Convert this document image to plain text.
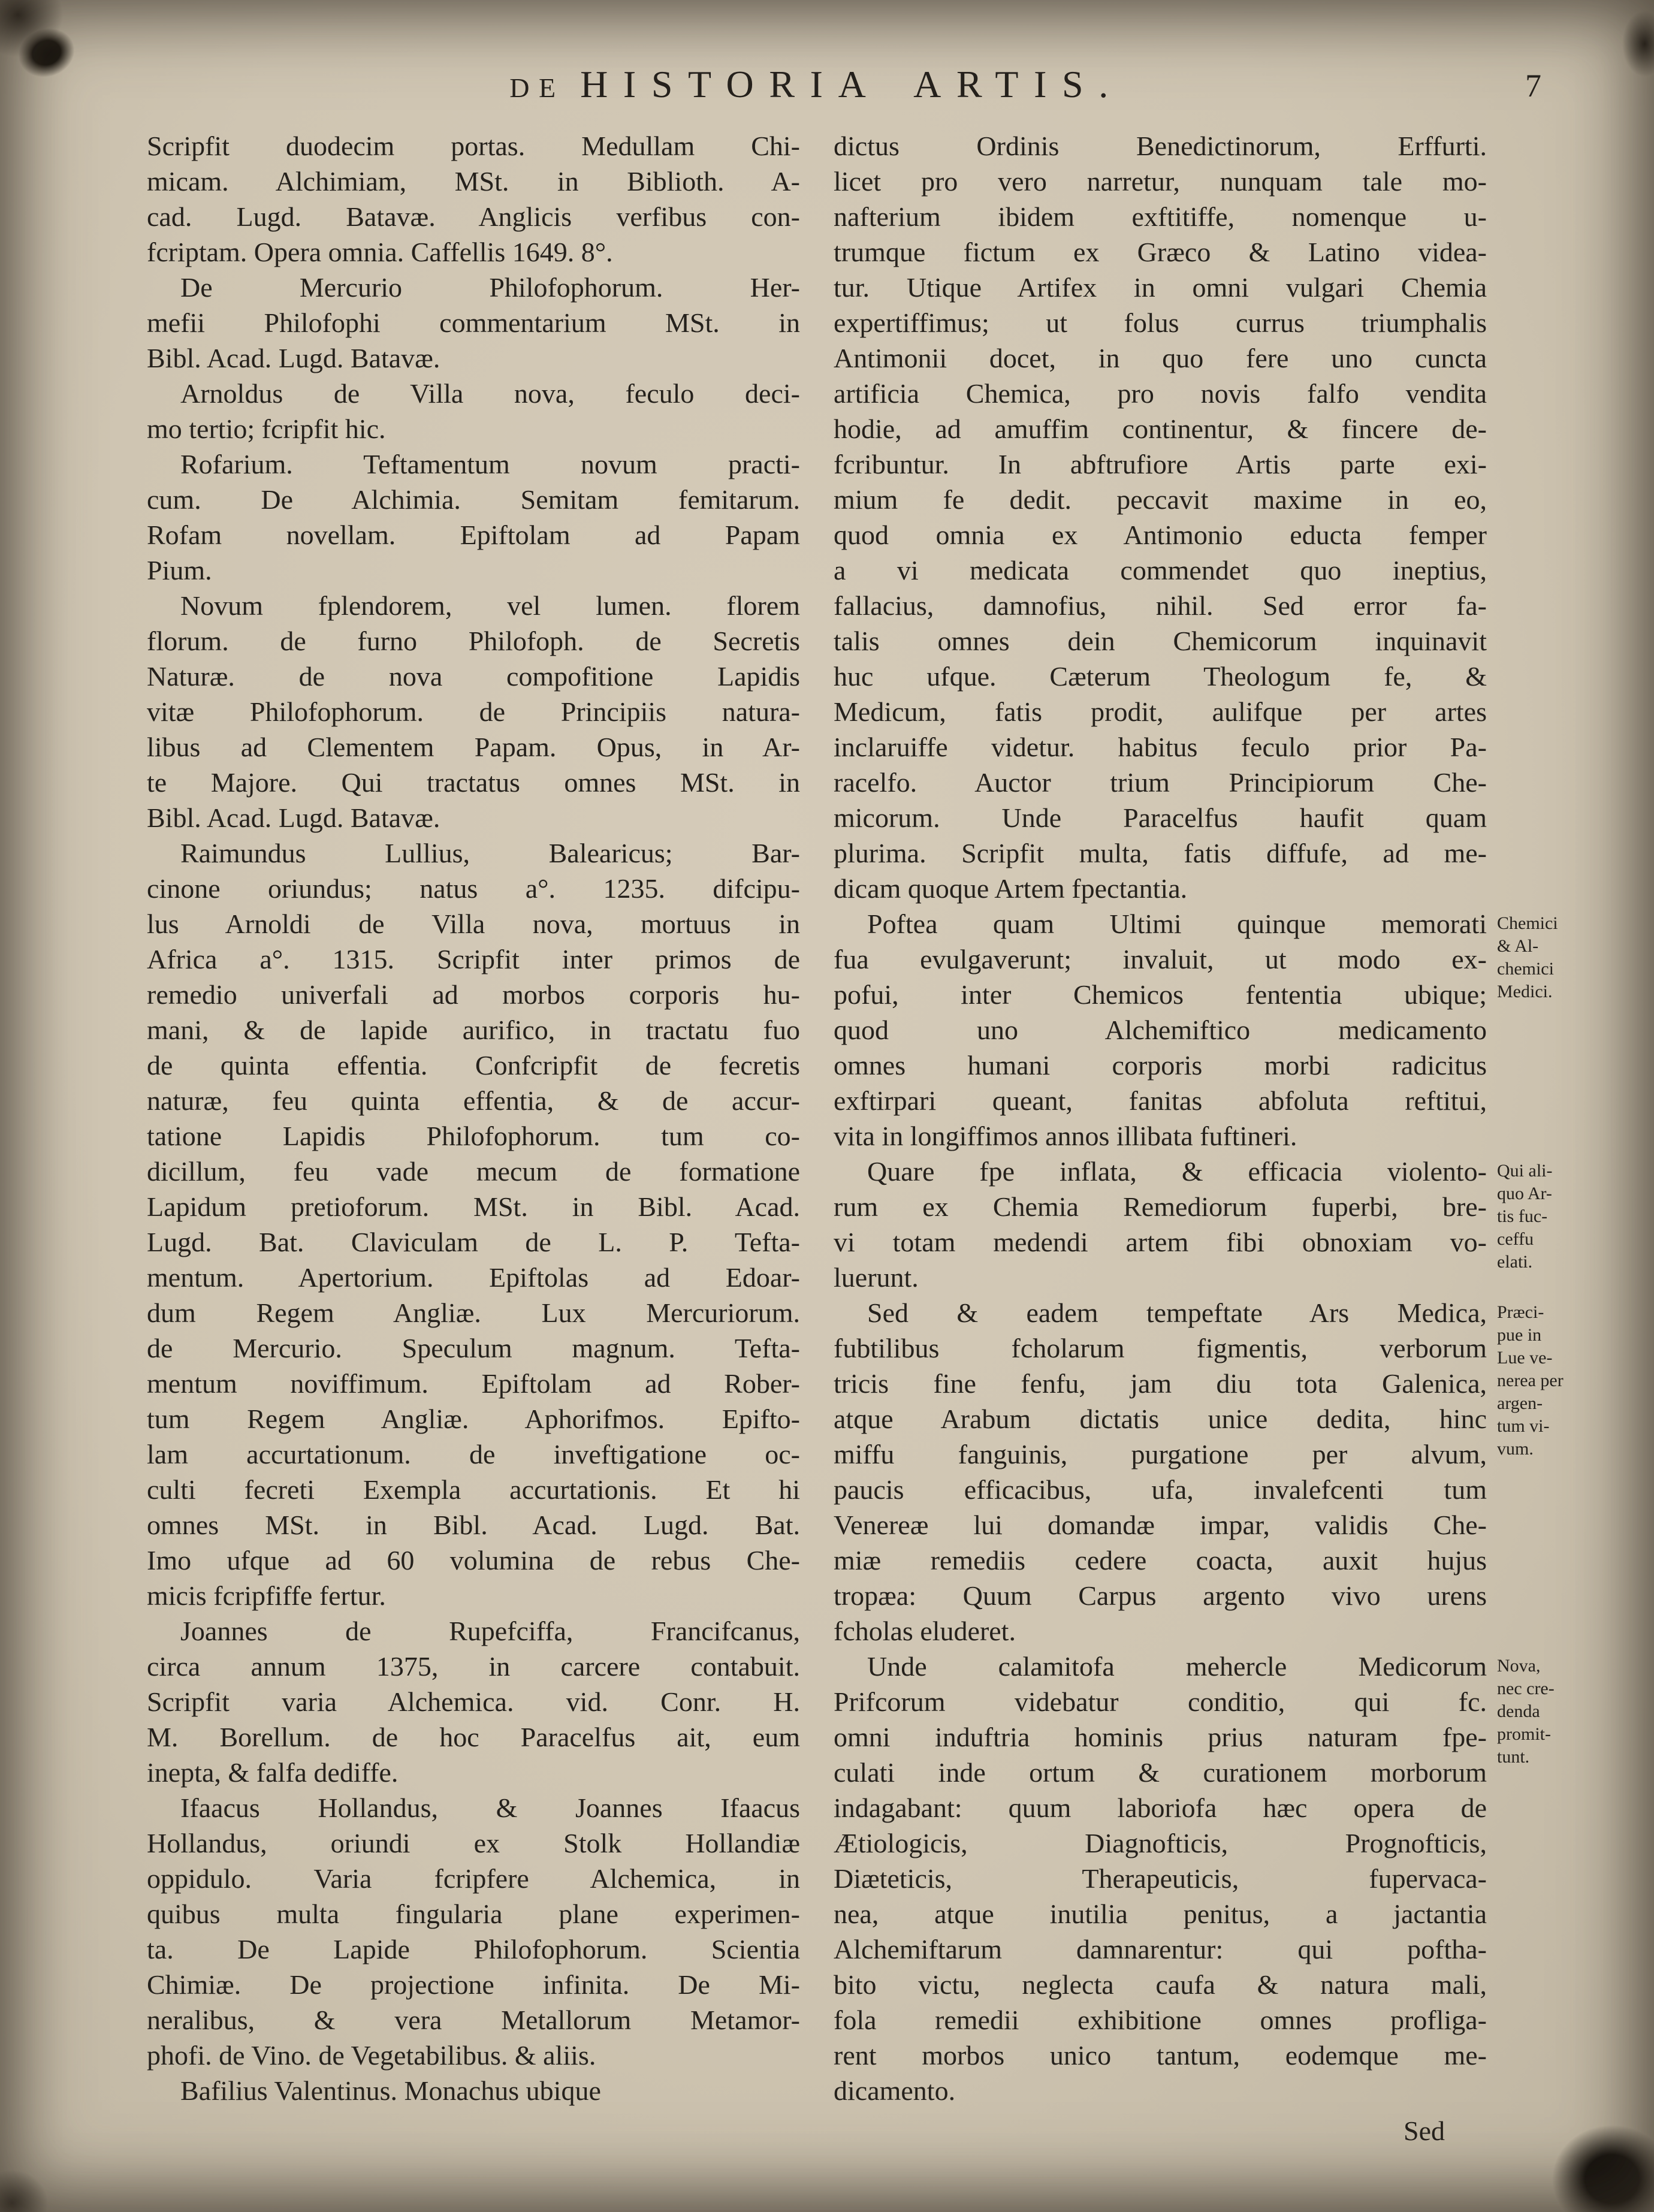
DE HISTORIA ARTIS.	7
Scripfit duodecim portas. Medullam Chi-
micam. Alchimiam, MSt. in Biblioth. A-
cad. Lugd. Batavæ. Anglicis verfibus con-
fcriptam. Opera omnia. Caffellis 1649. 8°.
De Mercurio Philofophorum. Her-
mefii Philofophi commentarium MSt. in
Bibl. Acad. Lugd. Batavæ.
Arnoldus de Villa nova, feculo deci-
mo tertio; fcripfit hic.
Rofarium. Teftamentum novum practi-
cum. De Alchimia. Semitam femitarum.
Rofam novellam. Epiftolam ad Papam
Pium.
Novum fplendorem, vel lumen. florem
florum. de furno Philofoph. de Secretis
Naturæ. de nova compofitione Lapidis
vitæ Philofophorum. de Principiis natura-
libus ad Clementem Papam. Opus, in Ar-
te Majore. Qui tractatus omnes MSt. in
Bibl. Acad. Lugd. Batavæ.
Raimundus Lullius, Balearicus; Bar-
cinone oriundus; natus a°. 1235. difcipu-
lus Arnoldi de Villa nova, mortuus in
Africa a°. 1315. Scripfit inter primos de
remedio univerfali ad morbos corporis hu-
mani, & de lapide aurifico, in tractatu fuo
de quinta effentia. Confcripfit de fecretis
naturæ, feu quinta effentia, & de accur-
tatione Lapidis Philofophorum. tum co-
dicillum, feu vade mecum de formatione
Lapidum pretioforum. MSt. in Bibl. Acad.
Lugd. Bat. Claviculam de L. P. Tefta-
mentum. Apertorium. Epiftolas ad Edoar-
dum Regem Angliæ. Lux Mercuriorum.
de Mercurio. Speculum magnum. Tefta-
mentum noviffimum. Epiftolam ad Rober-
tum Regem Angliæ. Aphorifmos. Epifto-
lam accurtationum. de inveftigatione oc-
culti fecreti Exempla accurtationis. Et hi
omnes MSt. in Bibl. Acad. Lugd. Bat.
Imo ufque ad 60 volumina de rebus Che-
micis fcripfiffe fertur.
Joannes de Rupefciffa, Francifcanus,
circa annum 1375, in carcere contabuit.
Scripfit varia Alchemica. vid. Conr. H.
M. Borellum. de hoc Paracelfus ait, eum
inepta, & falfa dediffe.
Ifaacus Hollandus, & Joannes Ifaacus
Hollandus, oriundi ex Stolk Hollandiæ
oppidulo. Varia fcripfere Alchemica, in
quibus multa fingularia plane experimen-
ta. De Lapide Philofophorum. Scientia
Chimiæ. De projectione infinita. De Mi-
neralibus, & vera Metallorum Metamor-
phofi. de Vino. de Vegetabilibus. & aliis.
Bafilius Valentinus. Monachus ubique
dictus Ordinis Benedictinorum, Erffurti.
licet pro vero narretur, nunquam tale mo-
nafterium ibidem exftitiffe, nomenque u-
trumque fictum ex Græco & Latino videa-
tur. Utique Artifex in omni vulgari Chemia
expertiffimus; ut folus currus triumphalis
Antimonii docet, in quo fere uno cuncta
artificia Chemica, pro novis falfo vendita
hodie, ad amuffim continentur, & fincere de-
fcribuntur. In abftrufiore Artis parte exi-
mium fe dedit. peccavit maxime in eo,
quod omnia ex Antimonio educta femper
a vi medicata commendet quo ineptius,
fallacius, damnofius, nihil. Sed error fa-
talis omnes dein Chemicorum inquinavit
huc ufque. Cæterum Theologum fe, &
Medicum, fatis prodit, aulifque per artes
inclaruiffe videtur. habitus feculo prior Pa-
racelfo. Auctor trium Principiorum Che-
micorum. Unde Paracelfus haufit quam
plurima. Scripfit multa, fatis diffufe, ad me-
dicam quoque Artem fpectantia.
Poftea quam Ultimi quinque memorati
fua evulgaverunt; invaluit, ut modo ex-
pofui, inter Chemicos fententia ubique;
quod uno Alchemiftico medicamento
omnes humani corporis morbi radicitus
exftirpari queant, fanitas abfoluta reftitui,
vita in longiffimos annos illibata fuftineri.
Quare fpe inflata, & efficacia violento-
rum ex Chemia Remediorum fuperbi, bre-
vi totam medendi artem fibi obnoxiam vo-
luerunt.
Sed & eadem tempeftate Ars Medica,
fubtilibus fcholarum figmentis, verborum
tricis fine fenfu, jam diu tota Galenica,
atque Arabum dictatis unice dedita, hinc
miffu fanguinis, purgatione per alvum,
paucis efficacibus, ufa, invalefcenti tum
Venereæ lui domandæ impar, validis Che-
miæ remediis cedere coacta, auxit hujus
tropæa: Quum Carpus argento vivo urens
fcholas eluderet.
Unde calamitofa mehercle Medicorum
Prifcorum videbatur conditio, qui fc.
omni induftria hominis prius naturam fpe-
culati inde ortum & curationem morborum
indagabant: quum laboriofa hæc opera de
Ætiologicis, Diagnofticis, Prognofticis,
Diæteticis, Therapeuticis, fupervaca-
nea, atque inutilia penitus, a jactantia
Alchemiftarum damnarentur: qui poftha-
bito victu, neglecta caufa & natura mali,
fola remedii exhibitione omnes profliga-
rent morbos unico tantum, eodemque me-
dicamento.
Sed
Chemici
& Al-
chemici
Medici.
Qui ali-
quo Ar-
tis fuc-
ceffu
elati.
Præci-
pue in
Lue ve-
nerea per
argen-
tum vi-
vum.
Nova,
nec cre-
denda
promit-
tunt.
